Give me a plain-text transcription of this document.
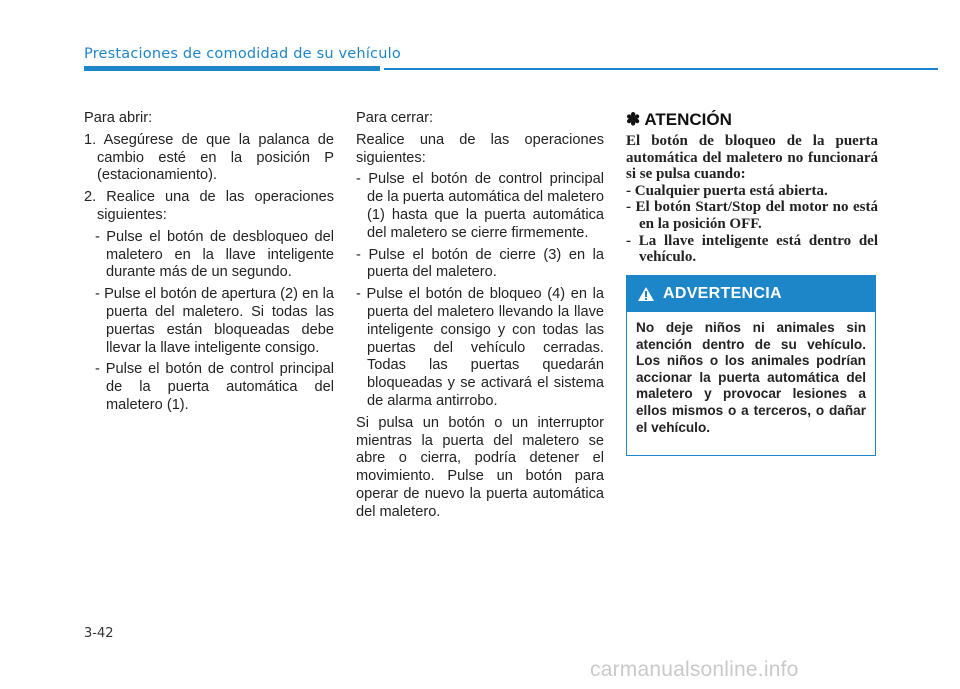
Prestaciones de comodidad de su vehículo

Para abrir:

1. Asegúrese de que la palanca de cambio esté en la posición P (estacionamiento).
2. Realice una de las operaciones siguientes:
- Pulse el botón de desbloqueo del maletero en la llave inteligente durante más de un segundo.
- Pulse el botón de apertura (2) en la puerta del maletero. Si todas las puertas están bloqueadas debe llevar la llave inteligente consigo.
- Pulse el botón de control principal de la puerta automática del maletero (1).

Para cerrar:

Realice una de las operaciones siguientes:

- Pulse el botón de control principal de la puerta automática del maletero (1) hasta que la puerta automática del maletero se cierre firmemente.
- Pulse el botón de cierre (3) en la puerta del maletero.
- Pulse el botón de bloqueo (4) en la puerta del maletero llevando la llave inteligente consigo y con todas las puertas del vehículo cerradas. Todas las puertas quedarán bloqueadas y se activará el sistema de alarma antirrobo.

Si pulsa un botón o un interruptor mientras la puerta del maletero se abre o cierra, podría detener el movimiento. Pulse un botón para operar de nuevo la puerta automática del maletero.

✽ ATENCIÓN

El botón de bloqueo de la puerta automática del maletero no funcionará si se pulsa cuando:

- Cualquier puerta está abierta.

- El botón Start/Stop del motor no está en la posición OFF.

- La llave inteligente está dentro del vehículo.

ADVERTENCIA
No deje niños ni animales sin atención dentro de su vehículo. Los niños o los animales podrían accionar la puerta automática del maletero y provocar lesiones a ellos mismos o a terceros, o dañar el vehículo.
3-42
carmanualsonline.info
